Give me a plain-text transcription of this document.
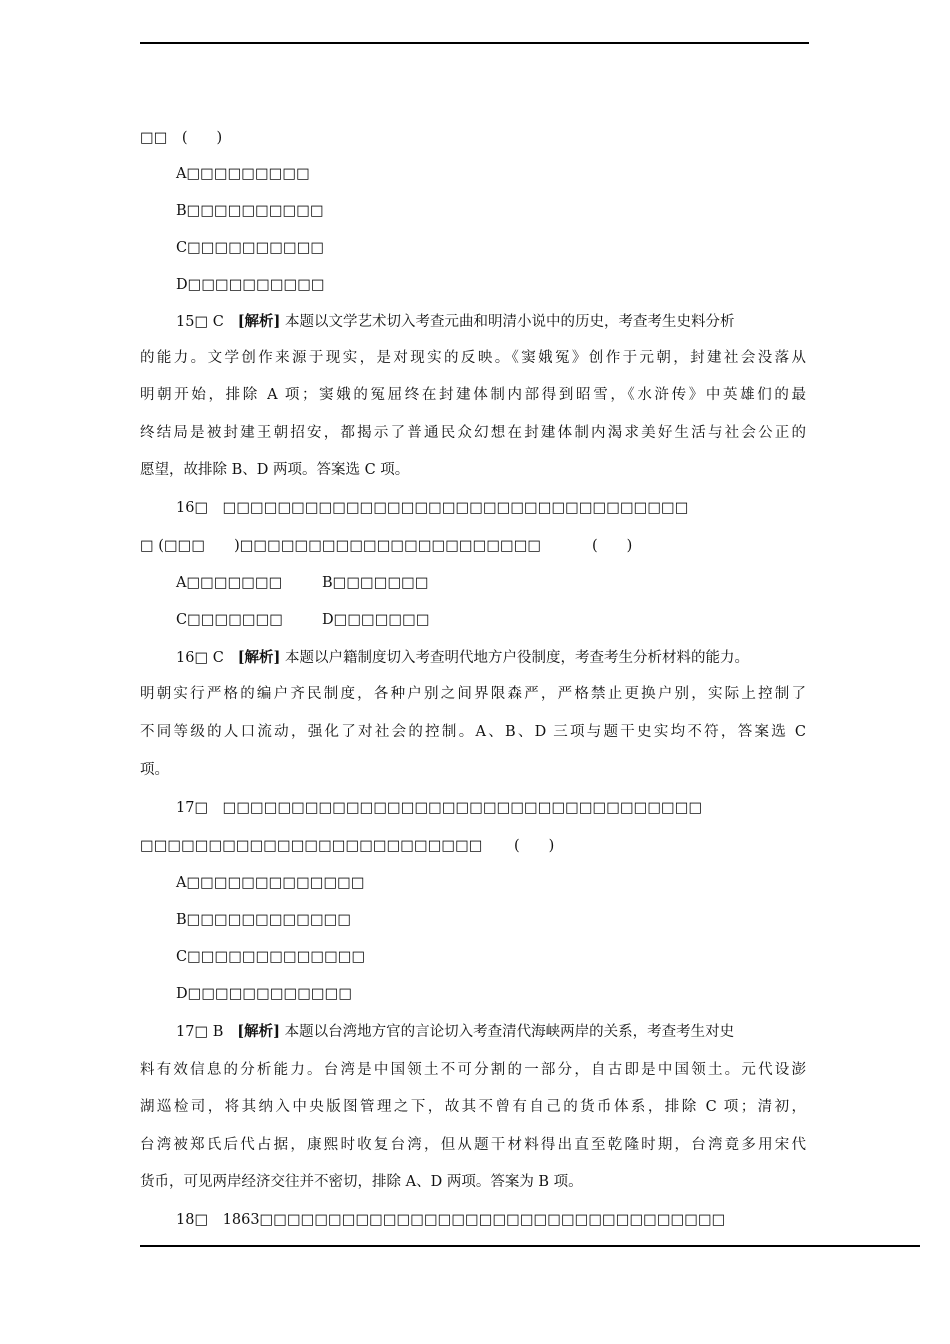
□□　(　　)
A□□□□□□□□□
B□□□□□□□□□□
C□□□□□□□□□□
D□□□□□□□□□□
15□ C [解析] 本题以文学艺术切入考查元曲和明清小说中的历史，考查考生史料分析
的能力。文学创作来源于现实，是对现实的反映。《窦娥冤》创作于元朝，封建社会没落从
明朝开始，排除 A 项；窦娥的冤屈终在封建体制内部得到昭雪，《水浒传》中英雄们的最
终结局是被封建王朝招安，都揭示了普通民众幻想在封建体制内渴求美好生活与社会公正的
愿望，故排除 B、D 两项。答案选 C 项。
16□　□□□□□□□□□□□□□□□□□□□□□□□□□□□□□□□□□□
□ (□□□　　)□□□□□□□□□□□□□□□□□□□□□□	(　　)
A□□□□□□□	B□□□□□□□
C□□□□□□□	D□□□□□□□
16□ C [解析] 本题以户籍制度切入考查明代地方户役制度，考查考生分析材料的能力。
明朝实行严格的编户齐民制度，各种户别之间界限森严，严格禁止更换户别，实际上控制了
不同等级的人口流动，强化了对社会的控制。A、B、D 三项与题干史实均不符，答案选 C
项。
17□　□□□□□□□□□□□□□□□□□□□□□□□□□□□□□□□□□□□
□□□□□□□□□□□□□□□□□□□□□□□□□ (　　)
A□□□□□□□□□□□□□
B□□□□□□□□□□□□
C□□□□□□□□□□□□□
D□□□□□□□□□□□□
17□ B [解析] 本题以台湾地方官的言论切入考查清代海峡两岸的关系，考查考生对史
料有效信息的分析能力。台湾是中国领土不可分割的一部分，自古即是中国领土。元代设澎
湖巡检司，将其纳入中央版图管理之下，故其不曾有自己的货币体系，排除 C 项；清初，
台湾被郑氏后代占据，康熙时收复台湾，但从题干材料得出直至乾隆时期，台湾竟多用宋代
货币，可见两岸经济交往并不密切，排除 A、D 两项。答案为 B 项。
18□　1863□□□□□□□□□□□□□□□□□□□□□□□□□□□□□□□□□□
